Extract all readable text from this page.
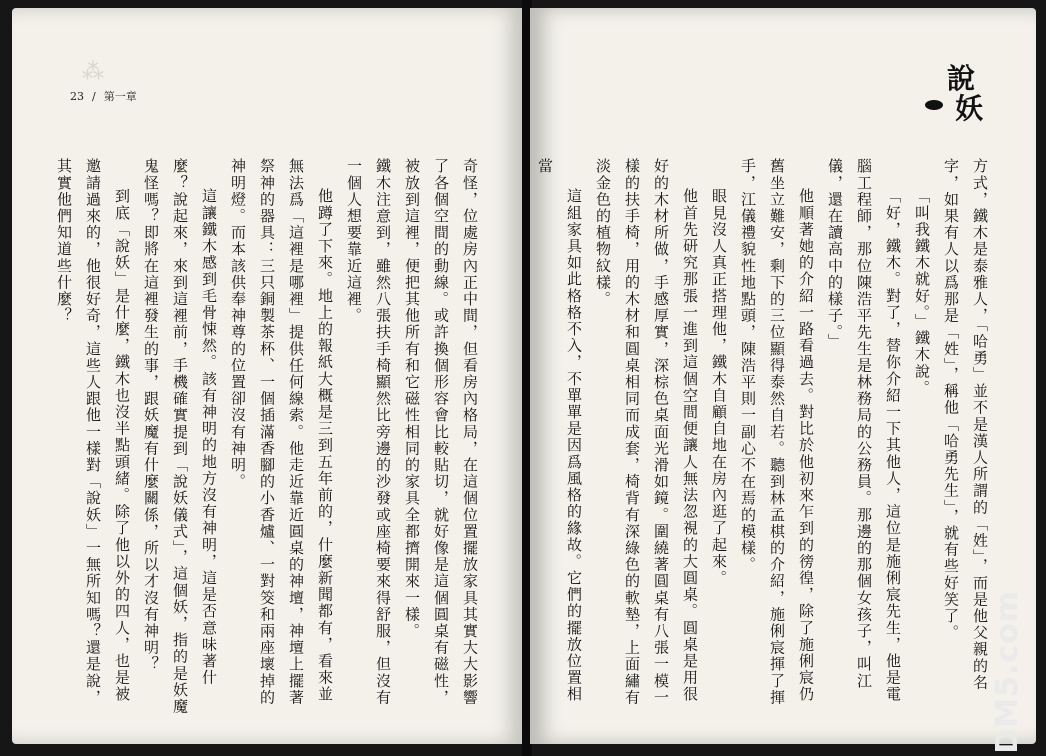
⁂
23 / 第一章

奇怪，位處房內正中間，但看房內格局，在這個位置擺放家具其實大大影響了各個空間的動線。或許換個形容會比較貼切，就好像是這個圓桌有磁性，被放到這裡，便把其他所有和它磁性相同的家具全都擠開來一樣。

鐵木注意到，雖然八張扶手椅顯然比旁邊的沙發或座椅要來得舒服，但沒有一個人想要靠近這裡。

他蹲了下來。地上的報紙大概是三到五年前的，什麼新聞都有，看來並無法爲「這裡是哪裡」提供任何線索。他走近靠近圓桌的神壇，神壇上擺著祭神的器具：三只銅製茶杯、一個插滿香腳的小香爐、一對筊和兩座壞掉的神明燈。而本該供奉神尊的位置卻沒有神明。

這讓鐵木感到毛骨悚然。該有神明的地方沒有神明，這是否意味著什麼？說起來，來到這裡前，手機確實提到「說妖儀式」，這個妖，指的是妖魔鬼怪嗎？即將在這裡發生的事，跟妖魔有什麼關係，所以才沒有神明？

到底「說妖」是什麼，鐵木也沒半點頭緒。除了他以外的四人，也是被邀請過來的，他很好奇，這些人跟他一樣對「說妖」一無所知嗎？還是說，其實他們知道些什麼？

說
妖

方式，鐵木是泰雅人，「哈勇」並不是漢人所謂的「姓」，而是他父親的名字，如果有人以爲那是「姓」，稱他「哈勇先生」，就有些好笑了。

「叫我鐵木就好。」鐵木說。

「好，鐵木。對了，替你介紹一下其他人，這位是施俐宸先生，他是電腦工程師，那位陳浩平先生是林務局的公務員。那邊的那個女孩子，叫江儀，還在讀高中的樣子。」

他順著她的介紹一路看過去。對比於他初來乍到的徬徨，除了施俐宸仍舊坐立難安，剩下的三位顯得泰然自若。聽到林孟棋的介紹，施俐宸揮了揮手，江儀禮貌性地點頭，陳浩平則一副心不在焉的模樣。

眼見沒人真正搭理他，鐵木自顧自地在房內逛了起來。

他首先研究那張一進到這個空間便讓人無法忽視的大圓桌。圓桌是用很好的木材所做，手感厚實，深棕色桌面光滑如鏡。圍繞著圓桌有八張一模一樣的扶手椅，用的木材和圓桌相同而成套，椅背有深綠色的軟墊，上面繡有淡金色的植物紋樣。

這組家具如此格格不入，不單單是因爲風格的緣故。它們的擺放位置相當

DM5.com
